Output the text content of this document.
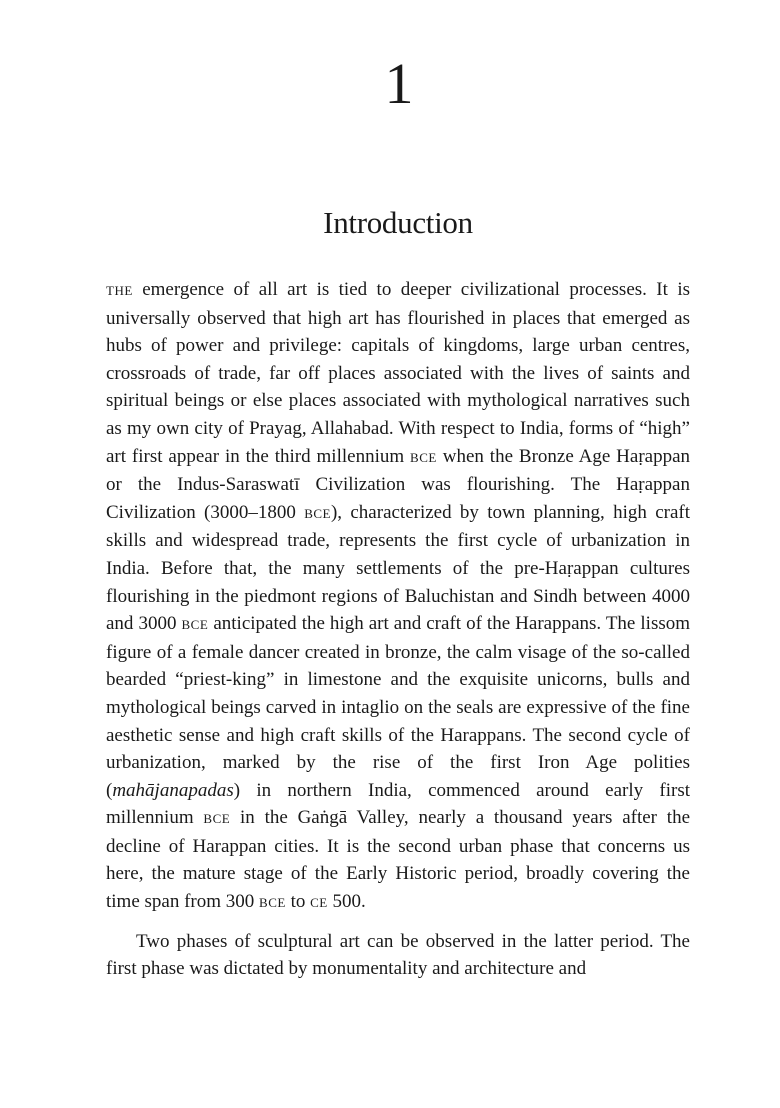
1
Introduction

THE emergence of all art is tied to deeper civilizational processes. It is universally observed that high art has flourished in places that emerged as hubs of power and privilege: capitals of kingdoms, large urban centres, crossroads of trade, far off places associated with the lives of saints and spiritual beings or else places associated with mythological narratives such as my own city of Prayag, Allahabad. With respect to India, forms of “high” art first appear in the third millennium BCE when the Bronze Age Haṛappan or the Indus-Saraswatī Civilization was flourishing. The Haṛappan Civilization (3000–1800 BCE), characterized by town planning, high craft skills and widespread trade, represents the first cycle of urbanization in India. Before that, the many settlements of the pre-Haṛappan cultures flourishing in the piedmont regions of Baluchistan and Sindh between 4000 and 3000 BCE anticipated the high art and craft of the Harappans. The lissom figure of a female dancer created in bronze, the calm visage of the so-called bearded “priest-king” in limestone and the exquisite unicorns, bulls and mythological beings carved in intaglio on the seals are expressive of the fine aesthetic sense and high craft skills of the Harappans. The second cycle of urbanization, marked by the rise of the first Iron Age polities (mahājanapadas) in northern India, commenced around early first millennium BCE in the Gaṅgā Valley, nearly a thousand years after the decline of Harappan cities. It is the second urban phase that concerns us here, the mature stage of the Early Historic period, broadly covering the time span from 300 BCE to CE 500.

Two phases of sculptural art can be observed in the latter period. The first phase was dictated by monumentality and architecture and
